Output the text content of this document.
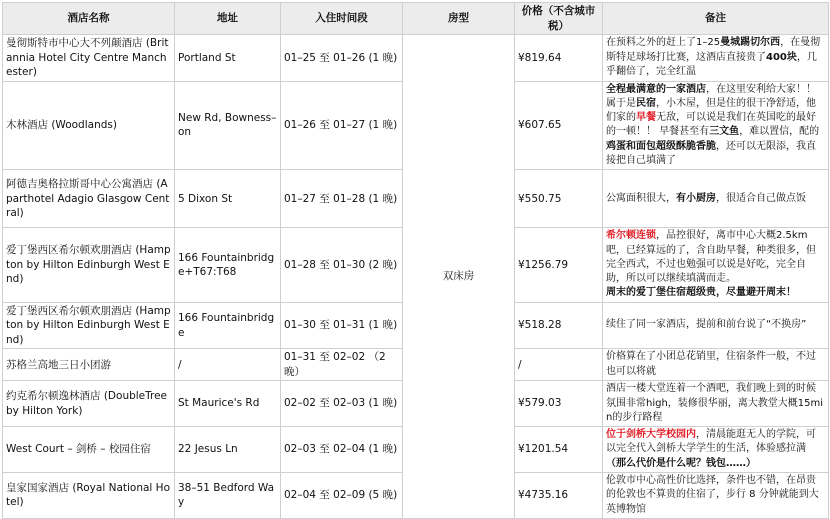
酒店名称	地址	入住时间段	房型	价格（不含城市税）	备注
曼彻斯特市中心大不列颠酒店 (Britannia Hotel City Centre Manchester)	Portland St	01–25 至 01–26 (1 晚)	双床房	¥819.64	在预料之外的赶上了1–25曼城踢切尔西，在曼彻斯特足球场打比赛，这酒店直接贵了400块，几乎翻倍了，完全红温
木林酒店 (Woodlands)	New Rd, Bowness–on	01–26 至 01–27 (1 晚)		¥607.65	全程最满意的一家酒店，在这里安利给大家！！ 属于是民宿，小木屋，但是住的很干净舒适，他们家的早餐无敌，可以说是我们在英国吃的最好的一顿！！ 早餐甚至有三文鱼，难以置信，配的鸡蛋和面包超级酥脆香脆，还可以无限添，我直接把自己填满了
阿德吉奥格拉斯哥中心公寓酒店 (Aparthotel Adagio Glasgow Central)	5 Dixon St	01–27 至 01–28 (1 晚)		¥550.75	公寓面积很大，有小厨房，很适合自己做点饭
爱丁堡西区希尔顿欢朋酒店 (Hampton by Hilton Edinburgh West End)	166 Fountainbridge+T67:T68	01–28 至 01–30 (2 晚)		¥1256.79	希尔顿连锁，品控很好，离市中心大概2.5km吧，已经算远的了，含自助早餐，种类很多，但完全西式，不过也勉强可以说是好吃，完全自助，所以可以继续填满而走。
周末的爱丁堡住宿超级贵，尽量避开周末！
爱丁堡西区希尔顿欢朋酒店 (Hampton by Hilton Edinburgh West End)	166 Fountainbridge	01–30 至 01–31 (1 晚)		¥518.28	续住了同一家酒店，提前和前台说了“不换房”
苏格兰高地三日小团游	/	01–31 至 02–02 （2晚）		/	价格算在了小团总花销里，住宿条件一般，不过也可以将就
约克希尔顿逸林酒店 (DoubleTree by Hilton York)	St Maurice's Rd	02–02 至 02–03 (1 晚)		¥579.03	酒店一楼大堂连着一个酒吧，我们晚上到的时候氛围非常high，装修很华丽，离大教堂大概15min的步行路程
West Court – 剑桥 – 校园住宿	22 Jesus Ln	02–03 至 02–04 (1 晚)		¥1201.54	位于剑桥大学校园内，清晨能逛无人的学院，可以完全代入剑桥大学学生的生活，体验感拉满（那么代价是什么呢？钱包……）
皇家国家酒店 (Royal National Hotel)	38–51 Bedford Way	02–04 至 02–09 (5 晚)		¥4735.16	伦敦市中心高性价比选择，条件也不错，在昂贵的伦敦也不算贵的住宿了，步行 8 分钟就能到大英博物馆
